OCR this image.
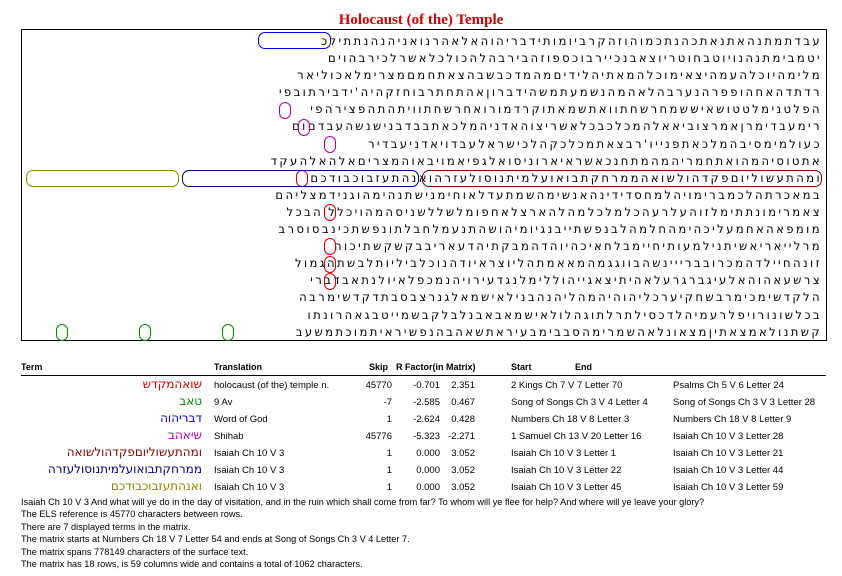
Holocaust (of the) Temple
עבדתמתנהאתנאתכהנתכמוהוזהקרביומותידבריהוהאלאהרנואניהנהנתתילכ
יטמבימתנהנויוטבחוטריוצאבנכיירבוכספוזהבירבהלהכולכלאשרלכירבהוים
מלימהיוכלהעמהיצאימוכלהמאתיהלידיםמהמדכבשבהצאתחמםמצרימלאכוליאר
רדתדהאחהופפרהנערבהלאהמהנשמעתמשהידברוןאהתחתרבוחזקהיה'ידבירתובפי
הפלטנימלטטושאיששמחרשחתוואתשמאתוקרדמורואחרשחתוויתהתהפצירהפי
רימעבדימרןאמרצוביאאלהמכלכבכלאשריצוהאדניהמלכאתבבדבנישנשהעבדםום
כעולמימסיבהמלכאתפנייו'רבצאתמכלכקהלכישראלעבדויאדניעבדיר
אתטוסיהמהואתחמריהמהמתחנכאשראיארוניסואלגפיאמויבאוהמצריםאלהאלהעקד
ומהתעשוליוםפקדהולשואהממרחקתבואועלמיתנוסולעזרהואנהתעזבוכבודכם
במאכרתהלכמברימויהלמחסדידינהאנשימהשמתעדלאוחימנישתנהימהוגנידמצליהם
צאמרימונתתימלזוהעלרעהכלמלכלמהלהארצלאחפומלשללשניסהמהויכלליהבכל
מומפאהאחמעליכהימהחלמהלבנפשתייבנגיומיהושהתנעמלחבלתונפשתכינבסוסרב
מרלייאריאשיתנילמעותיחיימבלחאיכהיוהדהמבקתיהדעאריבבקשקשתיכוה
זונהחיילדהמכרובברייינשהבווגגמהמאאמתהליוצראיודהנוכלביליותלבשתהגמול
צרשעאהוהאלעיגברגרעלאהיתיצאגייהוללימלנגדעירויהנמכפלאיולנתאבדברי
הלקדשימכימרבשחקיערכליהוהיהמהליהנהבנילאישמאלגנרצבסבתדקדשימרבה
בכלשונורויפלרעמיהלדכסילתרלתוגהלולאישמאבאבנלבלקבשמייטבגאהרונתו
קשתנולאמצאתיןמצאונלאהשמרימהסבבימבעיראתשאהבהנפשיראיתמוכתמשעב
Term	Translation	Skip R Factor(in Matrix)	Start	End
שואהמקדש holocaust (of the) temple n.	45770 -0.701 2.351	2 Kings Ch 7 V 7 Letter 70	Psalms Ch 5 V 6 Letter 24
טאב 9 Av	-7 -2.585 0.467	Song of Songs Ch 3 V 4 Letter 4	Song of Songs Ch 3 V 3 Letter 28
דבריהוה Word of God	1 -2.624 0.428	Numbers Ch 18 V 8 Letter 3	Numbers Ch 18 V 8 Letter 9
שיאהב Shihab	45776 -5.323 -2.271	1 Samuel Ch 13 V 20 Letter 16	Isaiah Ch 10 V 3 Letter 28
ומהתעשוליוםפקדהולשואה Isaiah Ch 10 V 3	1	0.000 3.052	Isaiah Ch 10 V 3 Letter 1	Isaiah Ch 10 V 3 Letter 21
ממרחקתבואועלמיתנוסולעזרה Isaiah Ch 10 V 3	1	0.000 3.052	Isaiah Ch 10 V 3 Letter 22	Isaiah Ch 10 V 3 Letter 44
ואנהתעזבוכבודכם Isaiah Ch 10 V 3	1	0.000 3.052	Isaiah Ch 10 V 3 Letter 45	Isaiah Ch 10 V 3 Letter 59
Isaiah Ch 10 V 3 And what will ye do in the day of visitation, and in the ruin which shall come from far? To whom will ye flee for help? And where will ye leave your glory?
The ELS reference is 45770 characters between rows.
There are 7 displayed terms in the matrix.
The matrix starts at Numbers Ch 18 V 7 Letter 54 and ends at Song of Songs Ch 3 V 4 Letter 7.
The matrix spans 778149 characters of the surface text.
The matrix has 18 rows, is 59 columns wide and contains a total of 1062 characters.
